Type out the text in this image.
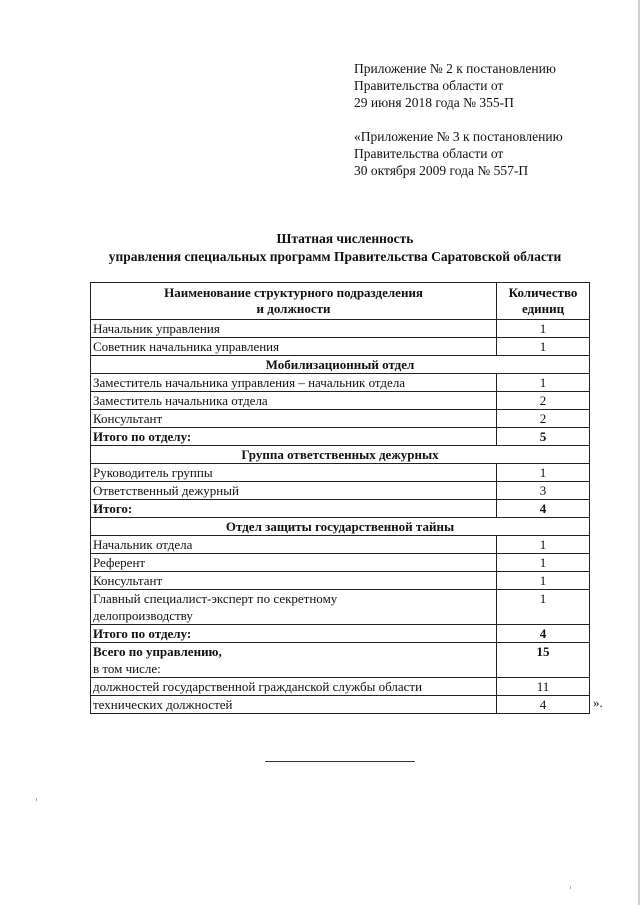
Приложение № 2 к постановлению
Правительства области от
29 июня 2018 года № 355-П
«Приложение № 3 к постановлению
Правительства области от
30 октября 2009 года № 557-П
Штатная численность
управления специальных программ Правительства Саратовской области
Наименование структурного подразделения
и должности	Количество
единиц
Начальник управления	1
Советник начальника управления	1
Мобилизационный отдел	
Заместитель начальника управления – начальник отдела	1
Заместитель начальника отдела	2
Консультант	2
Итого по отделу:	5
Группа ответственных дежурных	
Руководитель группы	1
Ответственный дежурный	3
Итого:	4
Отдел защиты государственной тайны	
Начальник отдела	1
Референт	1
Консультант	1
Главный специалист-эксперт по секретному делопроизводству	1
Итого по отделу:	4
Всего по управлению,
в том числе:	15
должностей государственной гражданской службы области	11
технических должностей	4	».
